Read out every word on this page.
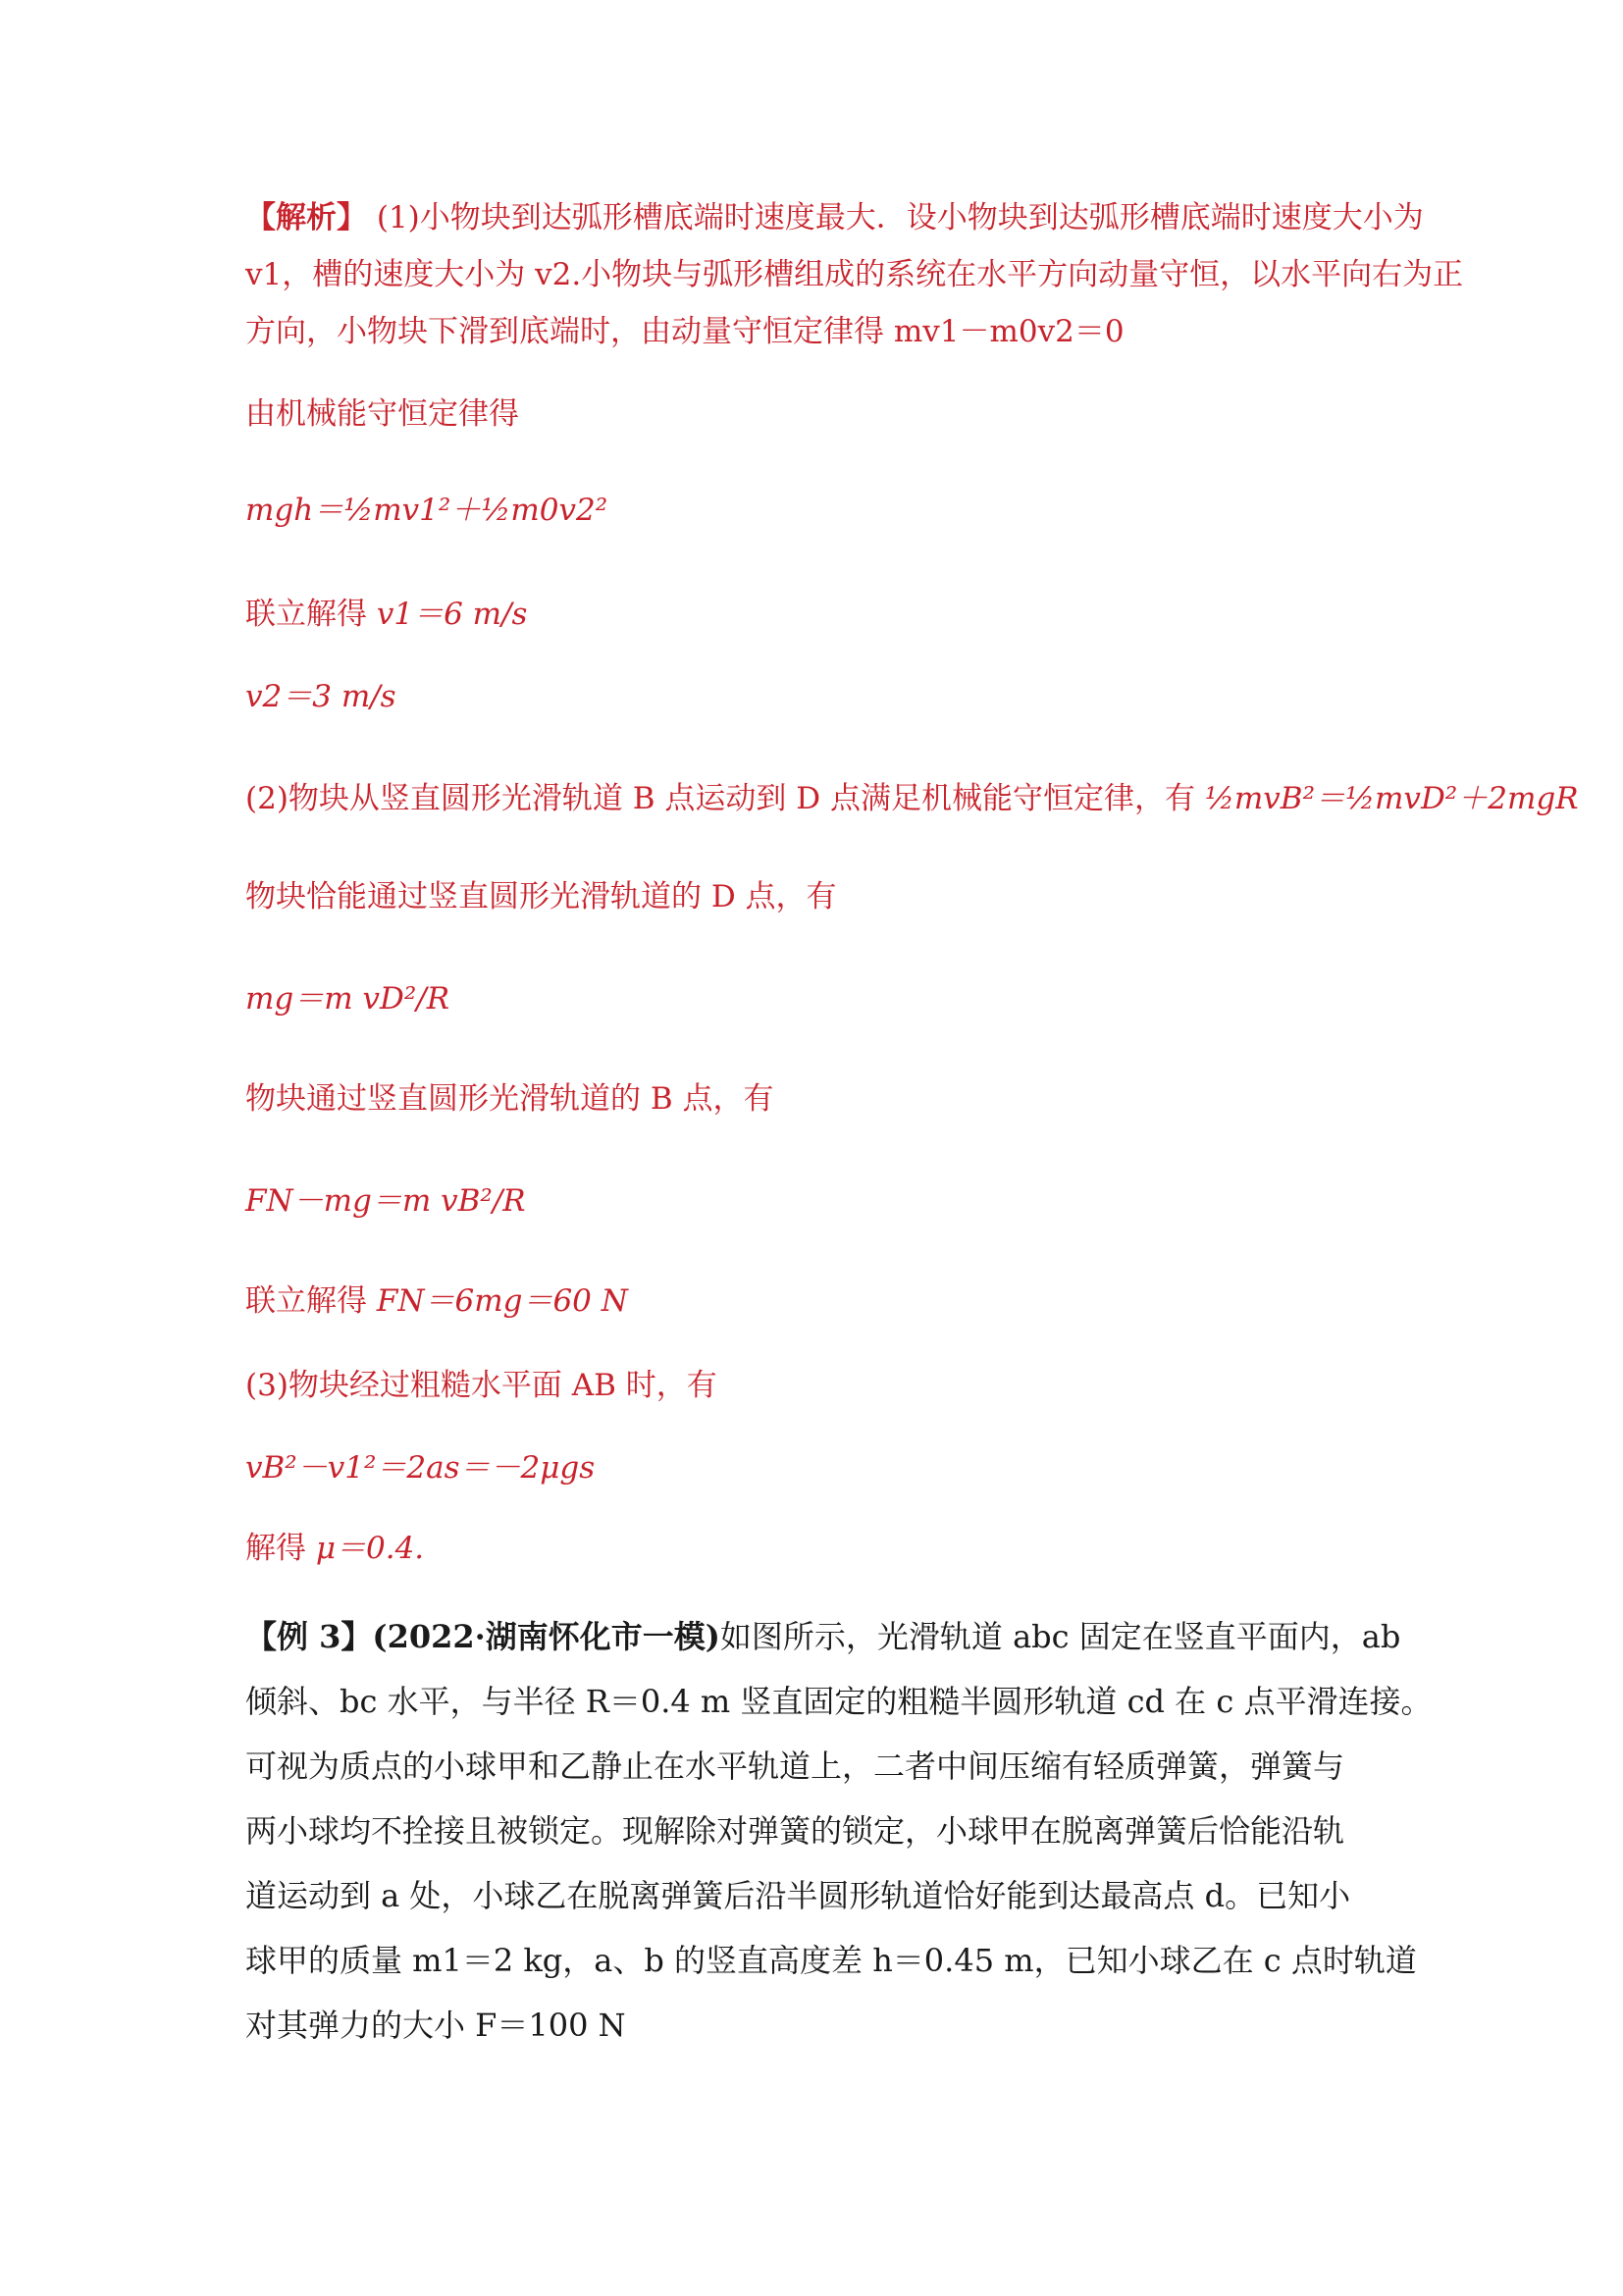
【解析】 (1)小物块到达弧形槽底端时速度最大．设小物块到达弧形槽底端时速度大小为
v1，槽的速度大小为 v2.小物块与弧形槽组成的系统在水平方向动量守恒，以水平向右为正
方向，小物块下滑到底端时，由动量守恒定律得 mv1－m0v2＝0
由机械能守恒定律得
mgh＝½mv1²＋½m0v2²
联立解得 v1＝6 m/s
v2＝3 m/s
(2)物块从竖直圆形光滑轨道 B 点运动到 D 点满足机械能守恒定律，有 ½mvB²＝½mvD²＋2mgR
物块恰能通过竖直圆形光滑轨道的 D 点，有
mg＝m vD²/R
物块通过竖直圆形光滑轨道的 B 点，有
FN－mg＝m vB²/R
联立解得 FN＝6mg＝60 N
(3)物块经过粗糙水平面 AB 时，有
vB²－v1²＝2as＝－2μgs
解得 μ＝0.4.
【例 3】(2022·湖南怀化市一模)如图所示，光滑轨道 abc 固定在竖直平面内，ab
倾斜、bc 水平，与半径 R＝0.4 m 竖直固定的粗糙半圆形轨道 cd 在 c 点平滑连接。
可视为质点的小球甲和乙静止在水平轨道上，二者中间压缩有轻质弹簧，弹簧与
两小球均不拴接且被锁定。现解除对弹簧的锁定，小球甲在脱离弹簧后恰能沿轨
道运动到 a 处，小球乙在脱离弹簧后沿半圆形轨道恰好能到达最高点 d。已知小
球甲的质量 m1＝2 kg，a、b 的竖直高度差 h＝0.45 m，已知小球乙在 c 点时轨道
对其弹力的大小 F＝100 N
